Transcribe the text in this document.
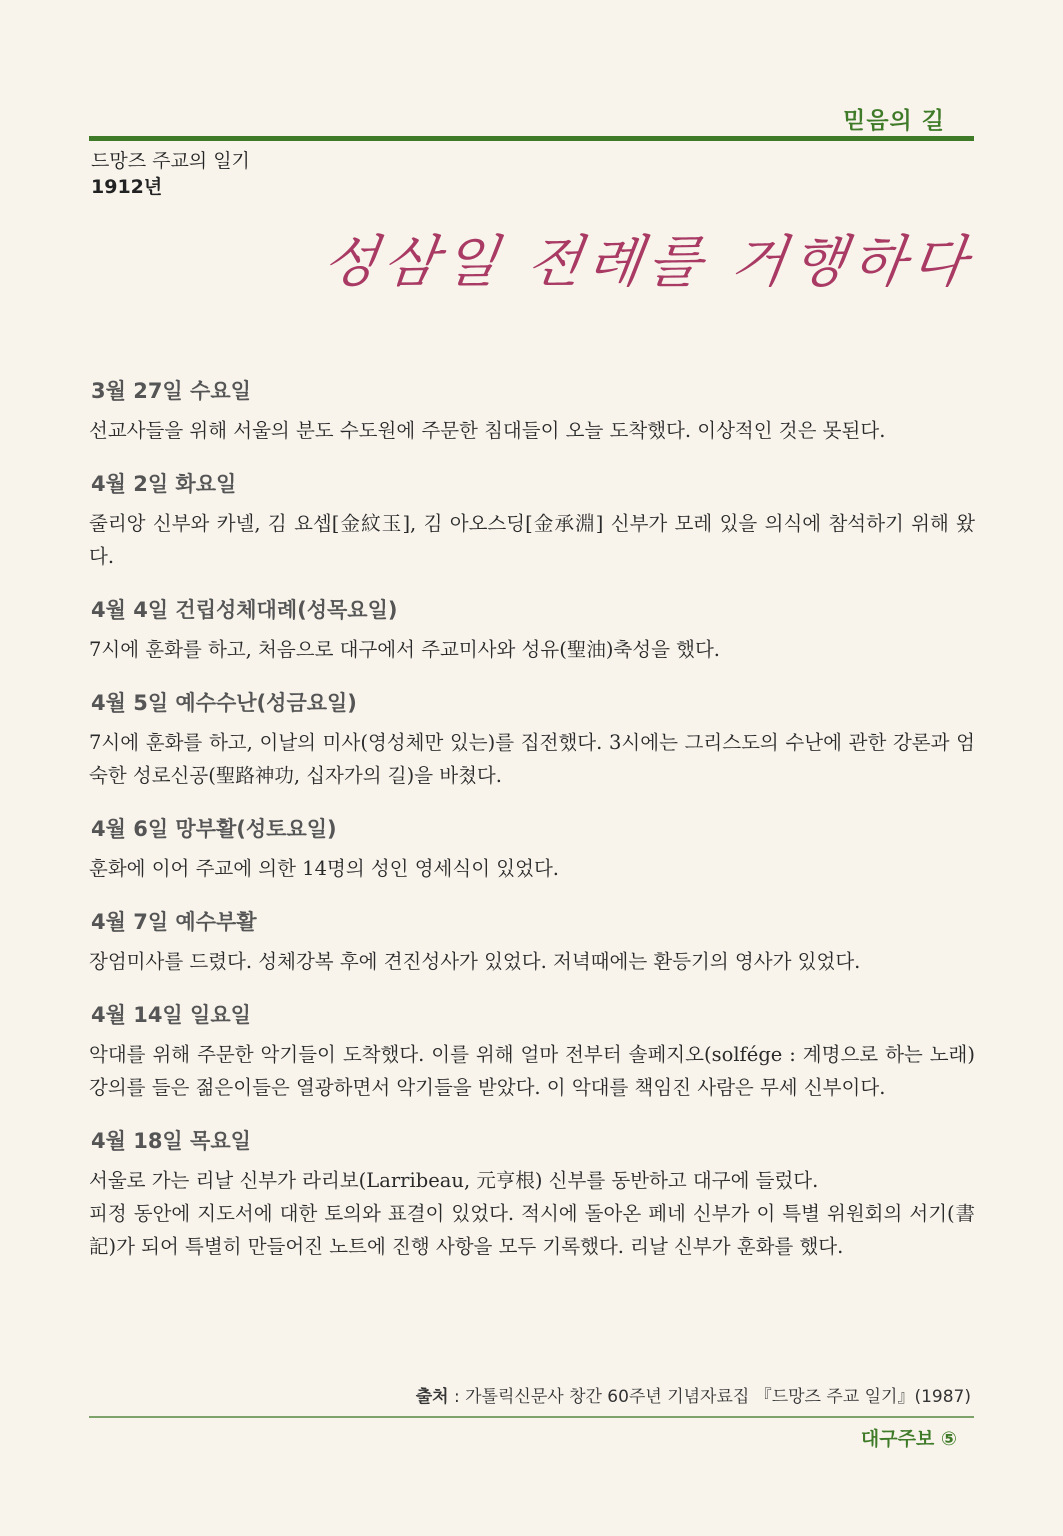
믿음의 길
드망즈 주교의 일기
1912년
성삼일 전례를 거행하다
3월 27일 수요일

선교사들을 위해 서울의 분도 수도원에 주문한 침대들이 오늘 도착했다. 이상적인 것은 못된다.

4월 2일 화요일

줄리앙 신부와 카넬, 김 요셉[金紋玉], 김 아오스딩[金承淵] 신부가 모레 있을 의식에 참석하기 위해 왔다.

4월 4일 건립성체대례(성목요일)

7시에 훈화를 하고, 처음으로 대구에서 주교미사와 성유(聖油)축성을 했다.

4월 5일 예수수난(성금요일)

7시에 훈화를 하고, 이날의 미사(영성체만 있는)를 집전했다. 3시에는 그리스도의 수난에 관한 강론과 엄숙한 성로신공(聖路神功, 십자가의 길)을 바쳤다.

4월 6일 망부활(성토요일)

훈화에 이어 주교에 의한 14명의 성인 영세식이 있었다.

4월 7일 예수부활

장엄미사를 드렸다. 성체강복 후에 견진성사가 있었다. 저녁때에는 환등기의 영사가 있었다.

4월 14일 일요일

악대를 위해 주문한 악기들이 도착했다. 이를 위해 얼마 전부터 솔페지오(solfége : 계명으로 하는 노래) 강의를 들은 젊은이들은 열광하면서 악기들을 받았다. 이 악대를 책임진 사람은 무세 신부이다.

4월 18일 목요일

서울로 가는 리날 신부가 라리보(Larribeau, 元亨根) 신부를 동반하고 대구에 들렀다.

피정 동안에 지도서에 대한 토의와 표결이 있었다. 적시에 돌아온 페네 신부가 이 특별 위원회의 서기(書記)가 되어 특별히 만들어진 노트에 진행 사항을 모두 기록했다. 리날 신부가 훈화를 했다.

출처 : 가톨릭신문사 창간 60주년 기념자료집 『드망즈 주교 일기』(1987)
대구주보 ⑤
